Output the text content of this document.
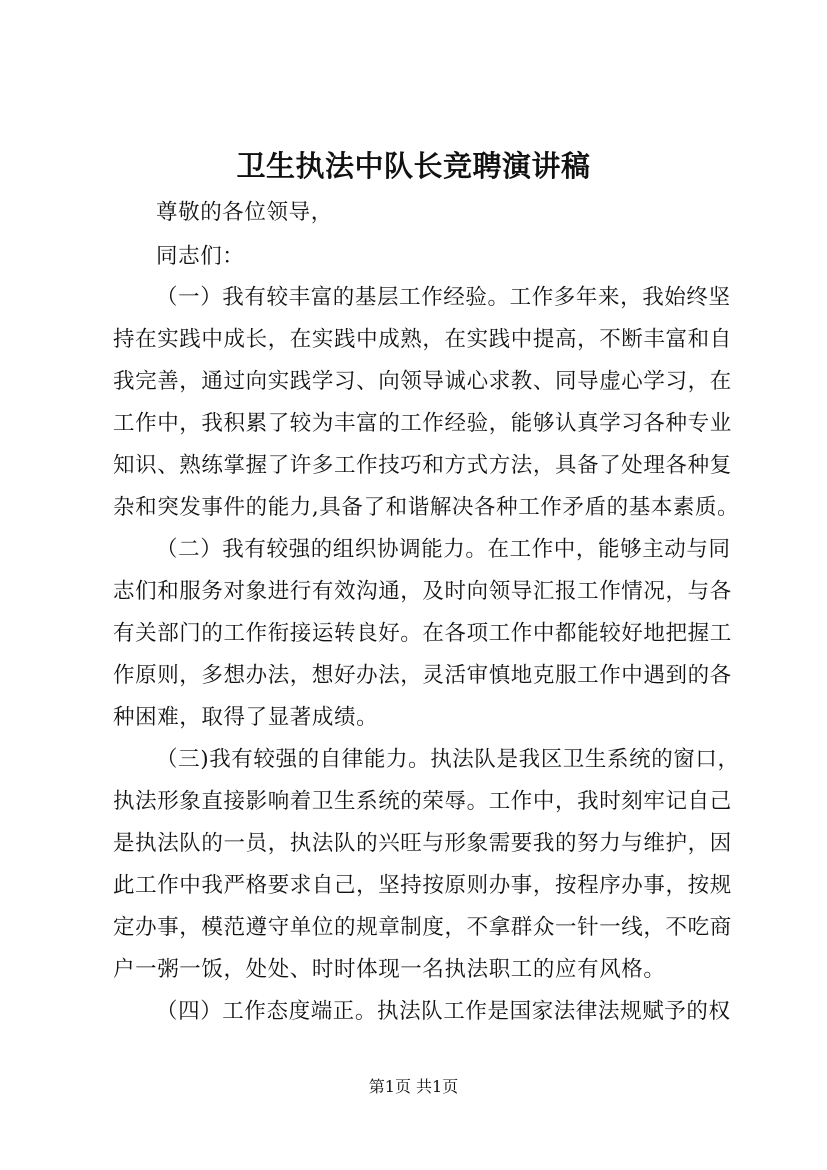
卫生执法中队长竞聘演讲稿
尊敬的各位领导，
同志们：
（一）我有较丰富的基层工作经验。工作多年来，我始终坚
持在实践中成长，在实践中成熟，在实践中提高，不断丰富和自
我完善，通过向实践学习、向领导诚心求教、同导虚心学习，在
工作中，我积累了较为丰富的工作经验，能够认真学习各种专业
知识、熟练掌握了许多工作技巧和方式方法，具备了处理各种复
杂和突发事件的能力,具备了和谐解决各种工作矛盾的基本素质。
（二）我有较强的组织协调能力。在工作中，能够主动与同
志们和服务对象进行有效沟通，及时向领导汇报工作情况，与各
有关部门的工作衔接运转良好。在各项工作中都能较好地把握工
作原则，多想办法，想好办法，灵活审慎地克服工作中遇到的各
种困难，取得了显著成绩。
（三)我有较强的自律能力。执法队是我区卫生系统的窗口，
执法形象直接影响着卫生系统的荣辱。工作中，我时刻牢记自己
是执法队的一员，执法队的兴旺与形象需要我的努力与维护，因
此工作中我严格要求自己，坚持按原则办事，按程序办事，按规
定办事，模范遵守单位的规章制度，不拿群众一针一线，不吃商
户一粥一饭，处处、时时体现一名执法职工的应有风格。
（四）工作态度端正。执法队工作是国家法律法规赋予的权
第1页 共1页
